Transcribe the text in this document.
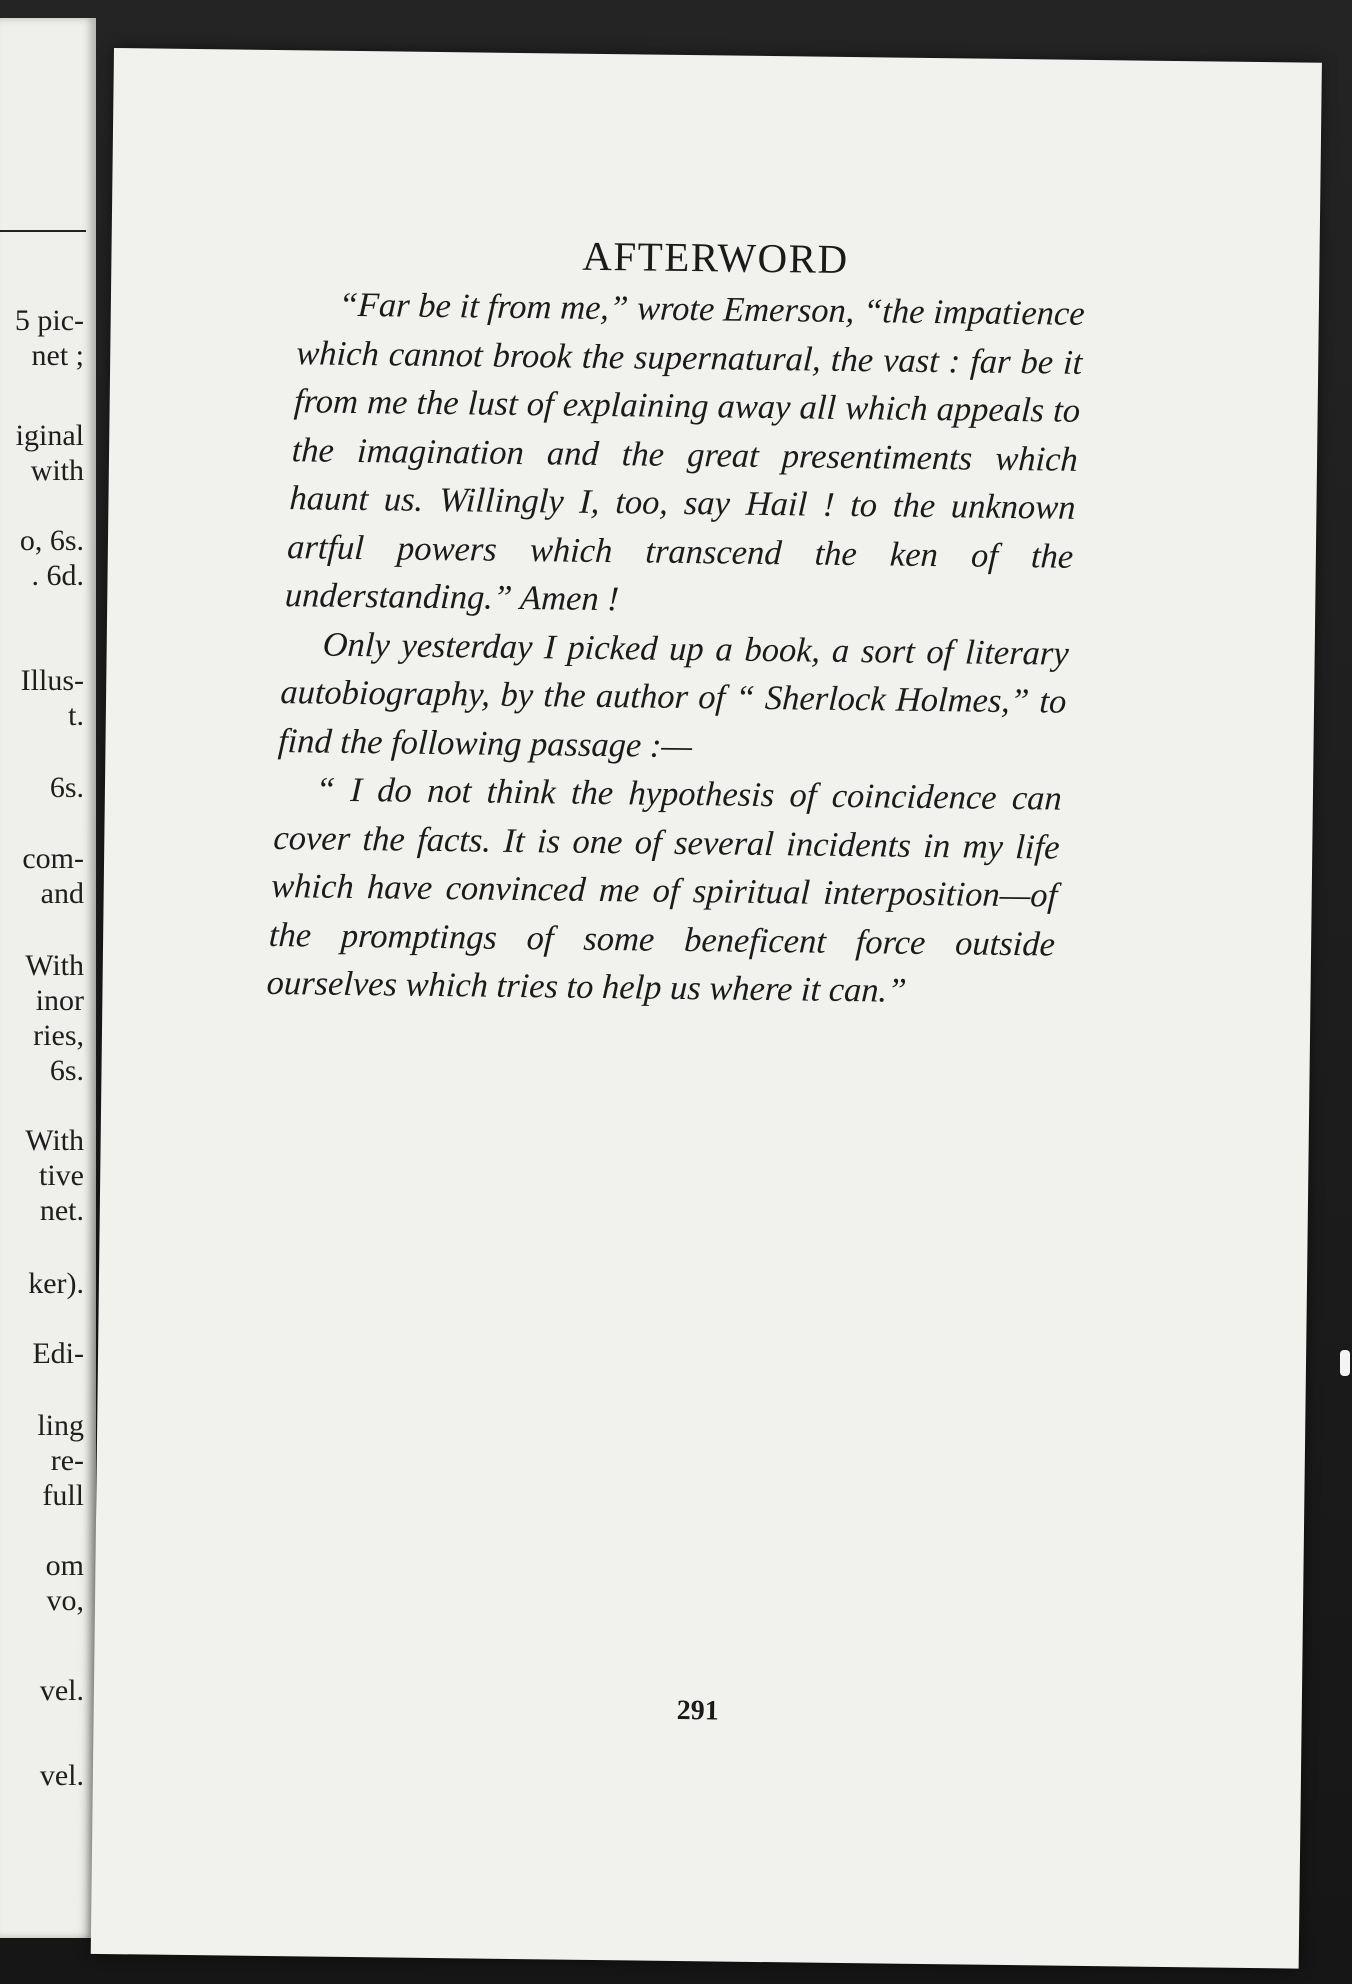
5 pic-
net ;
iginal
with
o, 6s.
. 6d.
Illus-
t.
6s.
com-
and
With
inor
ries,
6s.
With
tive
net.
ker).
Edi-
ling
re-
full
om
vo,
vel.
vel.
AFTERWORD

“Far be it from me,” wrote Emerson, “the impatience which cannot brook the supernatural, the vast : far be it from me the lust of explaining away all which appeals to the imagination and the great presentiments which haunt us. Willingly I, too, say Hail ! to the unknown artful powers which transcend the ken of the understanding.” Amen !

Only yesterday I picked up a book, a sort of literary autobiography, by the author of “ Sherlock Holmes,” to find the following passage :—

“ I do not think the hypothesis of coincidence can cover the facts. It is one of several incidents in my life which have convinced me of spiritual interposition—of the promptings of some beneficent force outside ourselves which tries to help us where it can.”

291
